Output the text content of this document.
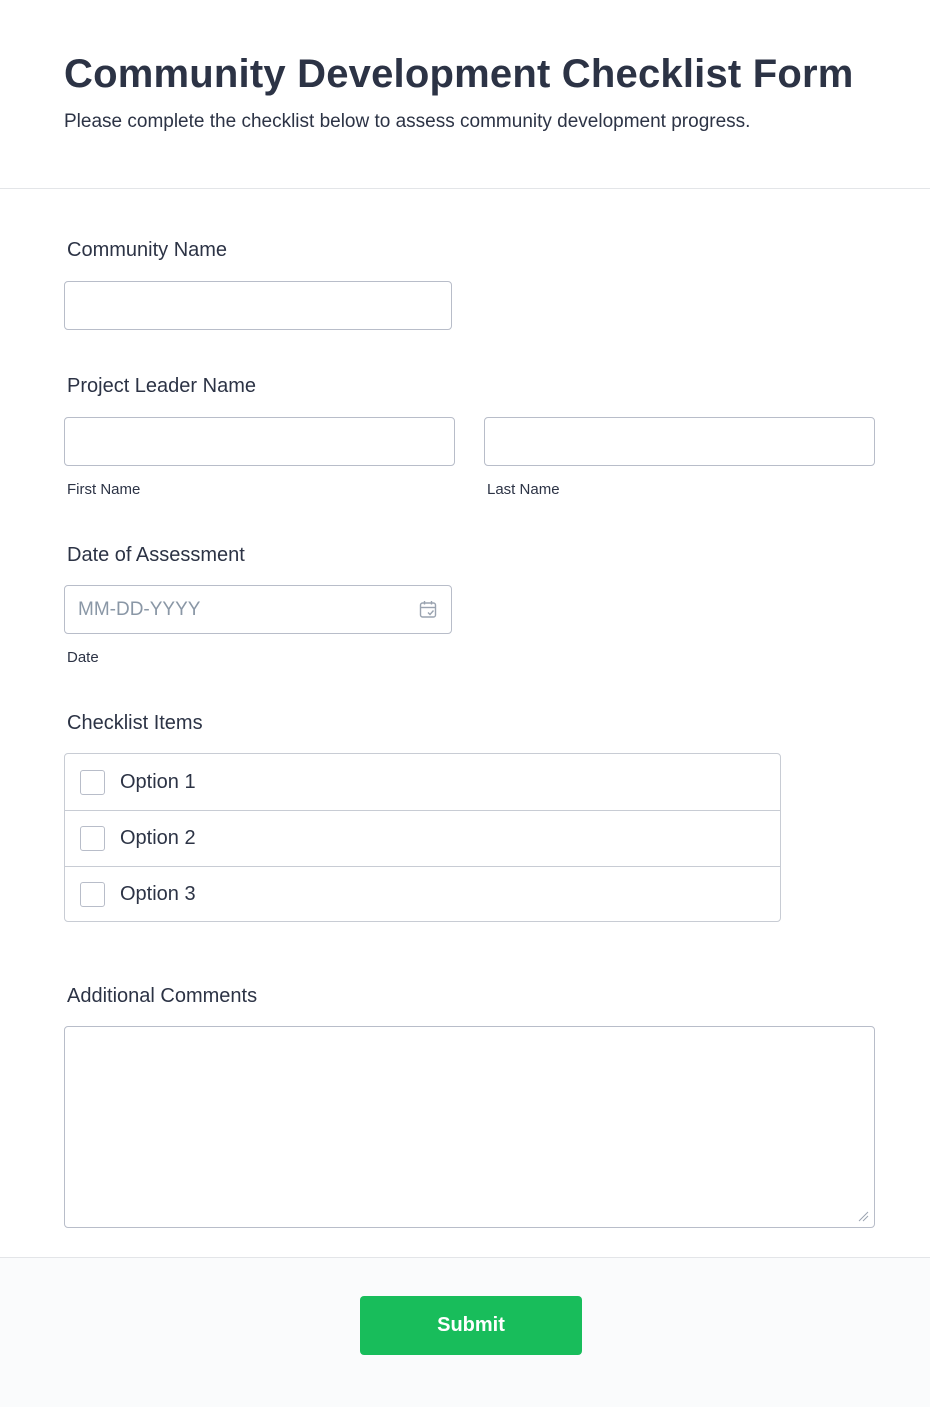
Community Development Checklist Form

Please complete the checklist below to assess community development progress.

Community Name
Project Leader Name
First Name	Last Name
Date of Assessment
MM-DD-YYYY
Date
Checklist Items
Option 1
Option 2
Option 3
Additional Comments
Submit
